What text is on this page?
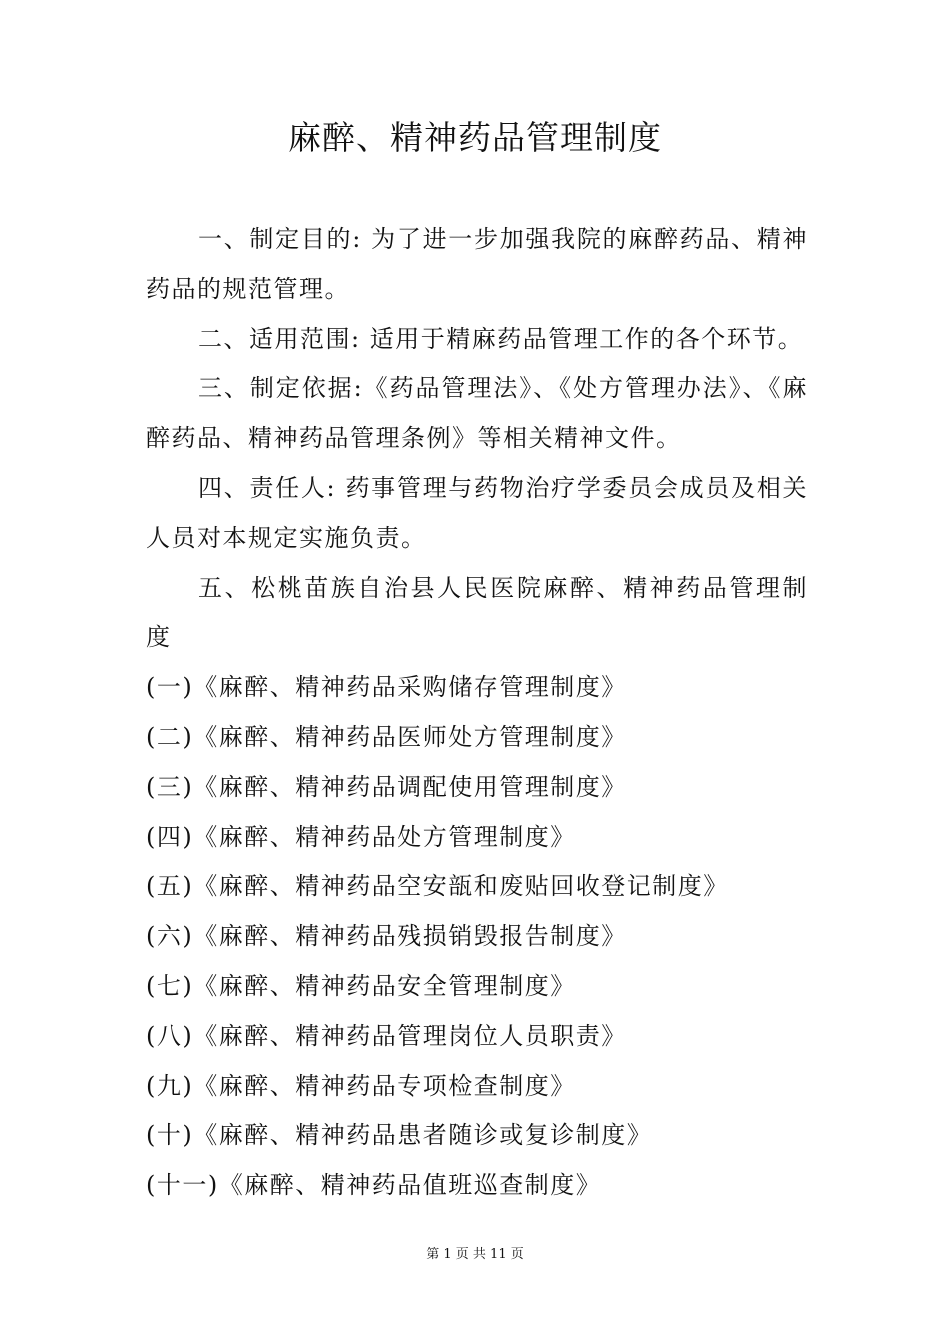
麻醉、精神药品管理制度

一、制定目的: 为了进一步加强我院的麻醉药品、精神药品的规范管理。

二、适用范围: 适用于精麻药品管理工作的各个环节。

三、制定依据:《药品管理法》、《处方管理办法》、《麻醉药品、精神药品管理条例》等相关精神文件。

四、责任人: 药事管理与药物治疗学委员会成员及相关人员对本规定实施负责。

五、松桃苗族自治县人民医院麻醉、精神药品管理制度

(一)《麻醉、精神药品采购储存管理制度》

(二)《麻醉、精神药品医师处方管理制度》

(三)《麻醉、精神药品调配使用管理制度》

(四)《麻醉、精神药品处方管理制度》

(五)《麻醉、精神药品空安瓿和废贴回收登记制度》

(六)《麻醉、精神药品残损销毁报告制度》

(七)《麻醉、精神药品安全管理制度》

(八)《麻醉、精神药品管理岗位人员职责》

(九)《麻醉、精神药品专项检查制度》

(十)《麻醉、精神药品患者随诊或复诊制度》

(十一)《麻醉、精神药品值班巡查制度》

第 1 页 共 11 页
